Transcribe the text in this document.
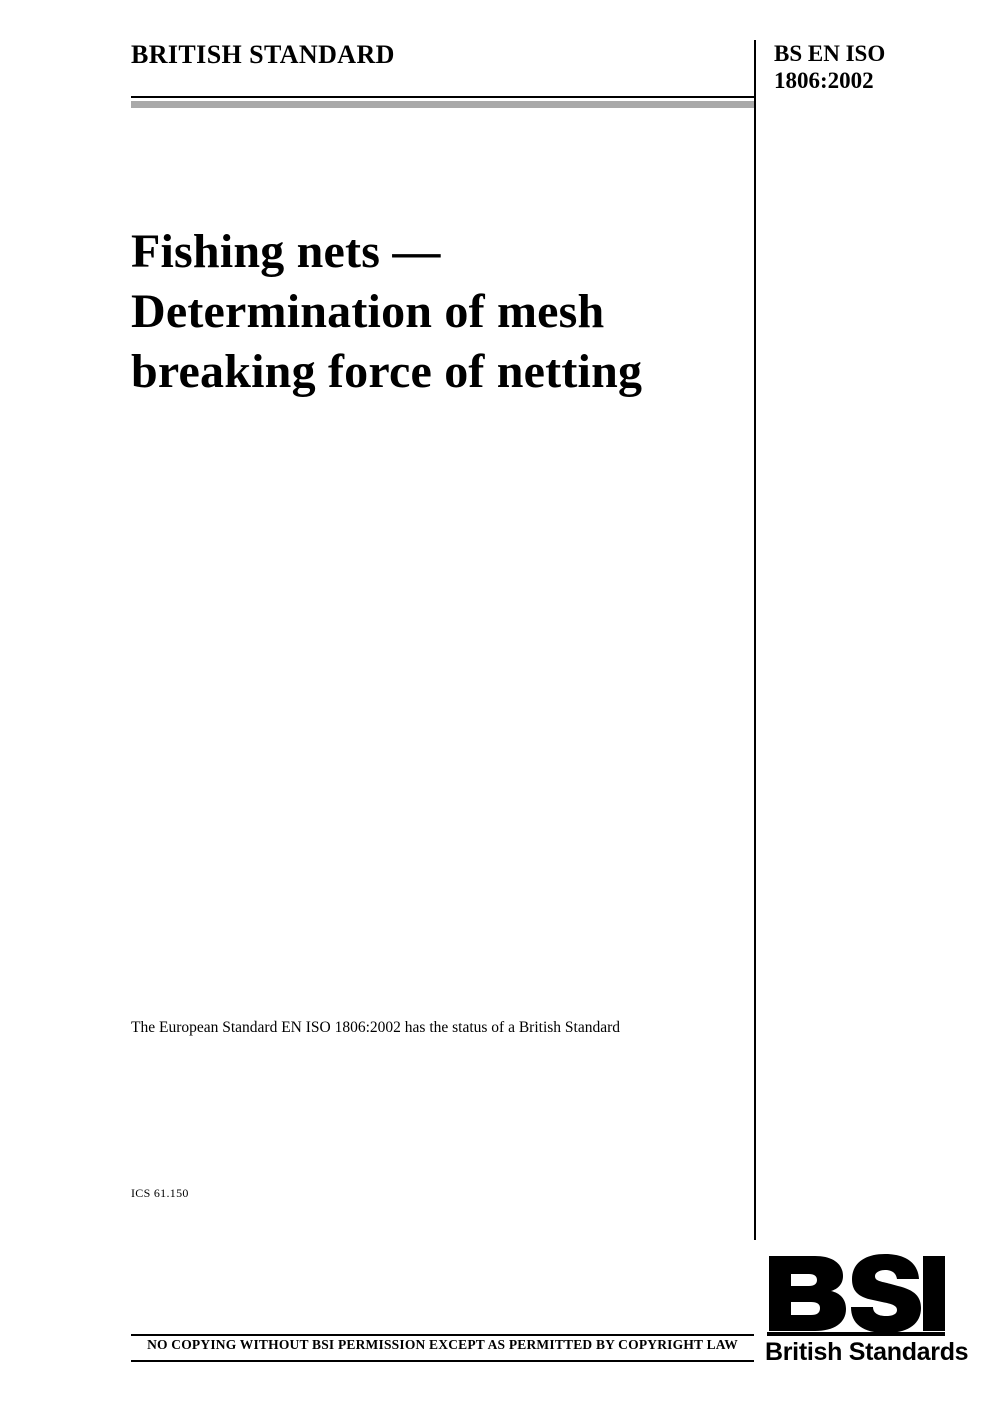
BRITISH STANDARD	BS EN ISO
1806:2002
Fishing nets — Determination of mesh breaking force of netting
The European Standard EN ISO 1806:2002 has the status of a British Standard
ICS 61.150
NO COPYING WITHOUT BSI PERMISSION EXCEPT AS PERMITTED BY COPYRIGHT LAW	British Standards
